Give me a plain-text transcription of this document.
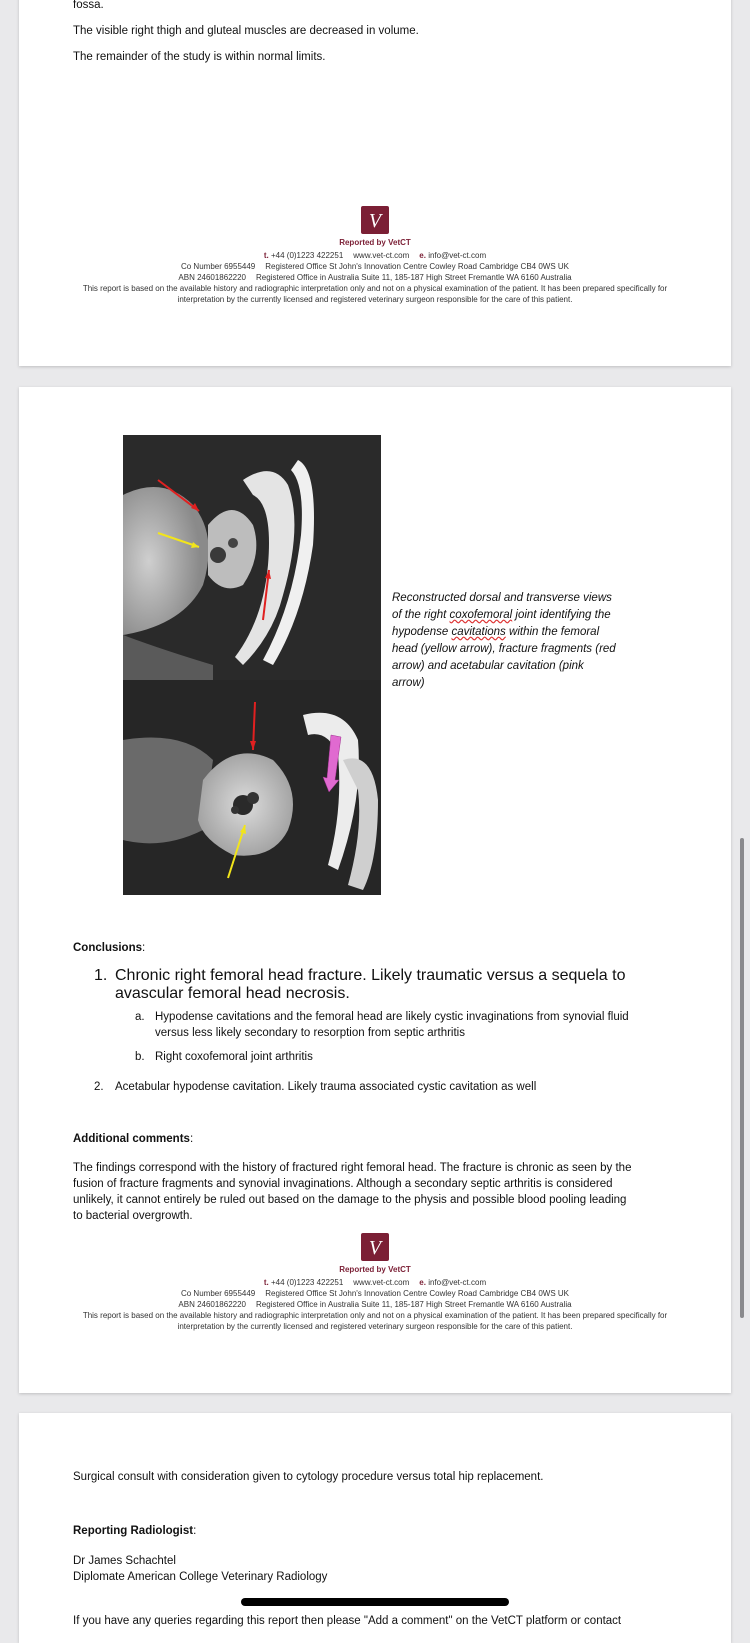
fossa.
The visible right thigh and gluteal muscles are decreased in volume.
The remainder of the study is within normal limits.
V
Reported by VetCT
t. +44 (0)1223 422251 www.vet-ct.com e. info@vet-ct.com
Co Number 6955449 Registered Office St John's Innovation Centre Cowley Road Cambridge CB4 0WS UK
ABN 24601862220 Registered Office in Australia Suite 11, 185-187 High Street Fremantle WA 6160 Australia
This report is based on the available history and radiographic interpretation only and not on a physical examination of the patient. It has been prepared specifically for interpretation by the currently licensed and registered veterinary surgeon responsible for the care of this patient.
Reconstructed dorsal and transverse views of the right coxofemoral joint identifying the hypodense cavitations within the femoral head (yellow arrow), fracture fragments (red arrow) and acetabular cavitation (pink arrow)
Conclusions:
1. Chronic right femoral head fracture. Likely traumatic versus a sequela to avascular femoral head necrosis.
a. Hypodense cavitations and the femoral head are likely cystic invaginations from synovial fluid versus less likely secondary to resorption from septic arthritis
b. Right coxofemoral joint arthritis
2. Acetabular hypodense cavitation. Likely trauma associated cystic cavitation as well
Additional comments:
The findings correspond with the history of fractured right femoral head. The fracture is chronic as seen by the fusion of fracture fragments and synovial invaginations. Although a secondary septic arthritis is considered unlikely, it cannot entirely be ruled out based on the damage to the physis and possible blood pooling leading to bacterial overgrowth.
V
Reported by VetCT
t. +44 (0)1223 422251 www.vet-ct.com e. info@vet-ct.com
Co Number 6955449 Registered Office St John's Innovation Centre Cowley Road Cambridge CB4 0WS UK
ABN 24601862220 Registered Office in Australia Suite 11, 185-187 High Street Fremantle WA 6160 Australia
This report is based on the available history and radiographic interpretation only and not on a physical examination of the patient. It has been prepared specifically for interpretation by the currently licensed and registered veterinary surgeon responsible for the care of this patient.
Surgical consult with consideration given to cytology procedure versus total hip replacement.
Reporting Radiologist:
Dr James Schachtel
Diplomate American College Veterinary Radiology
If you have any queries regarding this report then please "Add a comment" on the VetCT platform or contact
